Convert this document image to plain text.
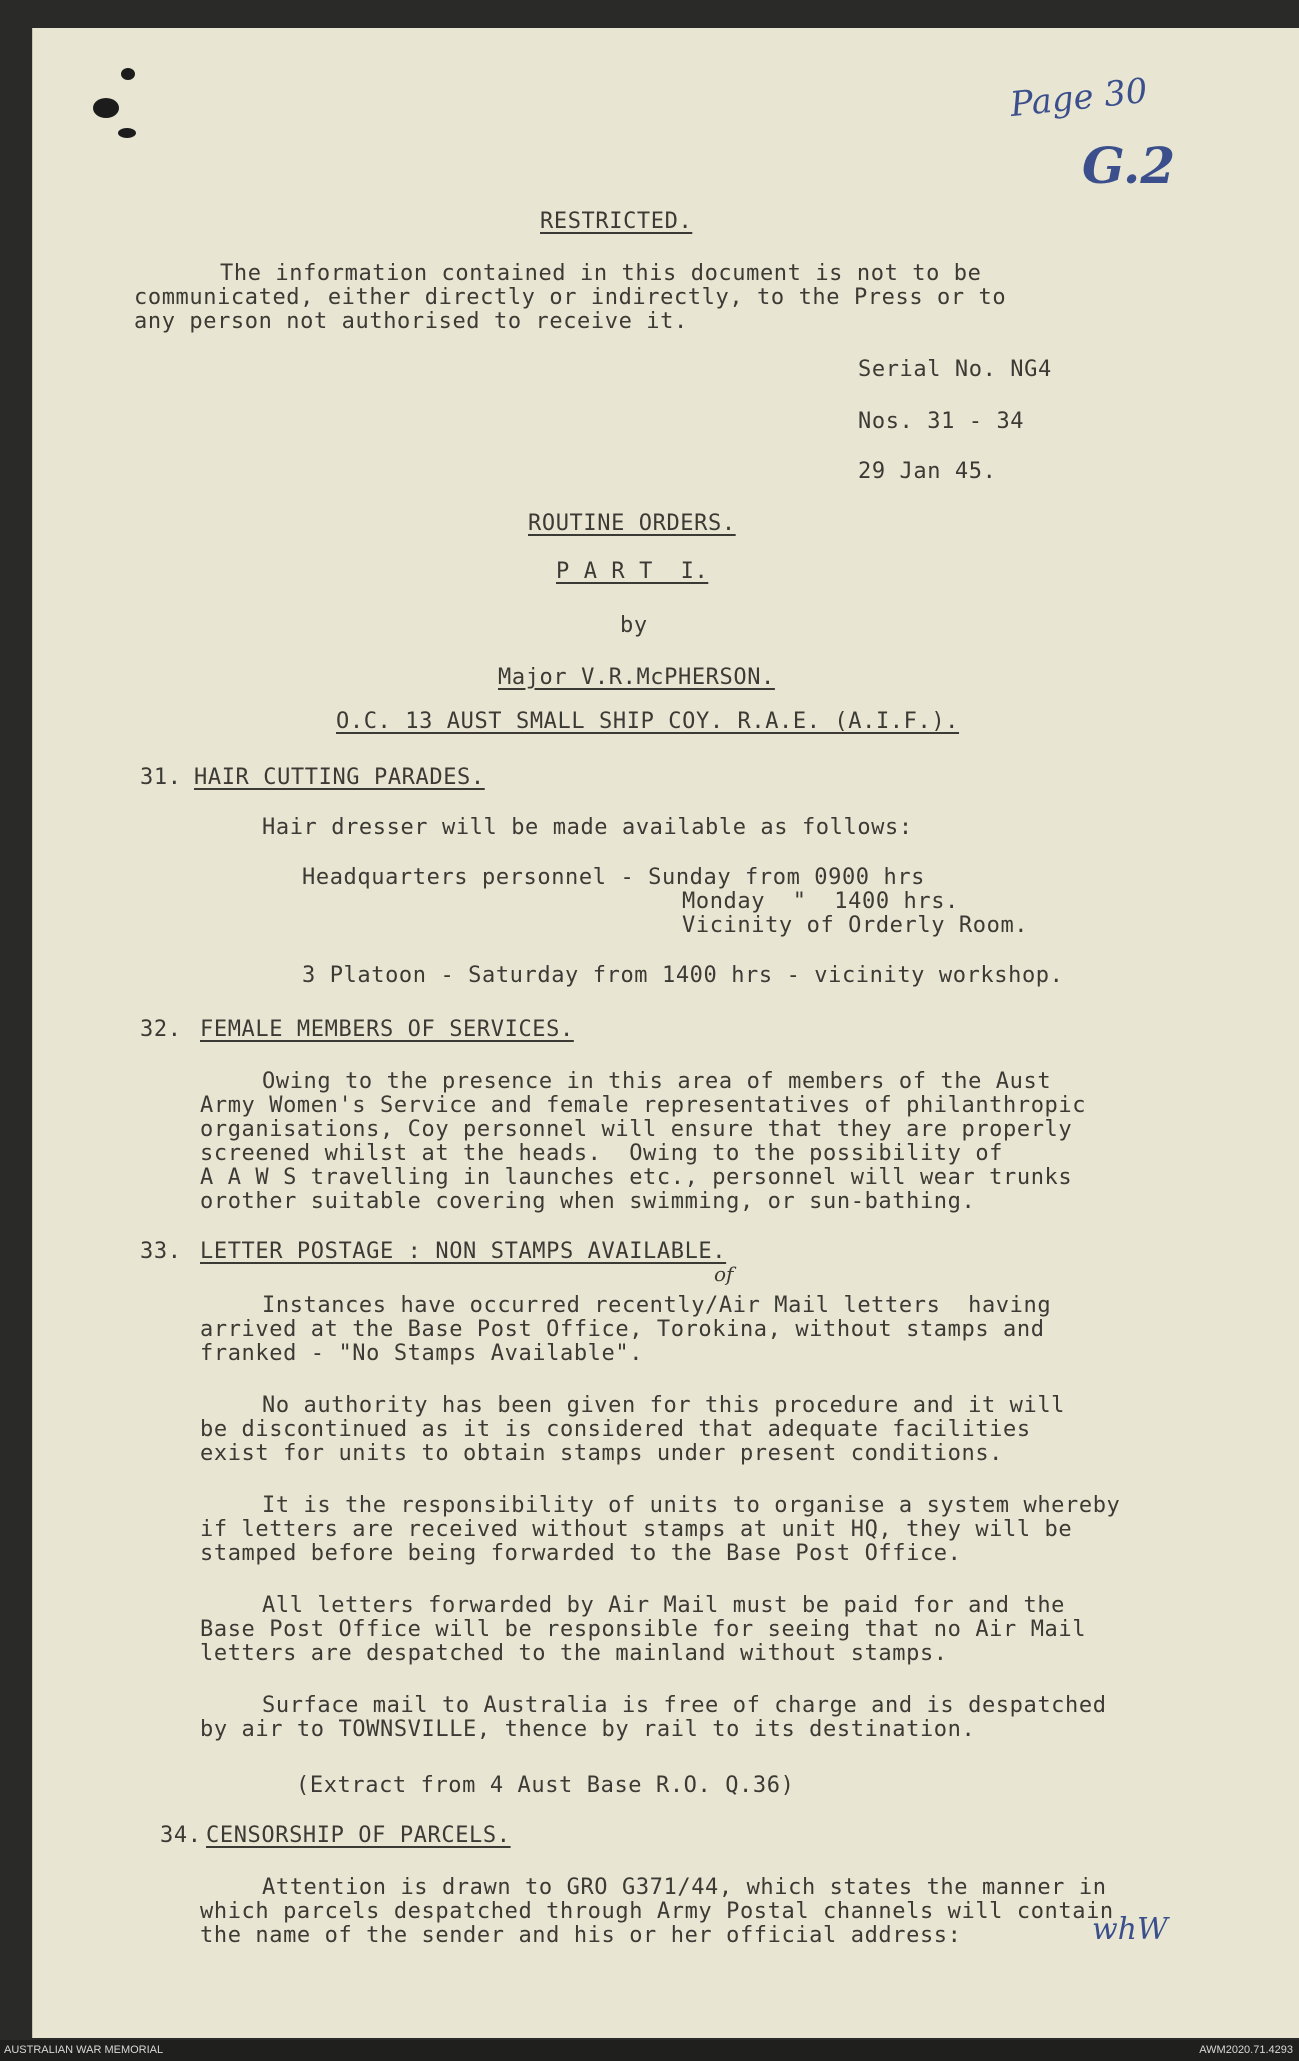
Page 30
G.2
whW
RESTRICTED.
The information contained in this document is not to be
communicated, either directly or indirectly, to the Press or to
any person not authorised to receive it.
Serial No. NG4
Nos. 31 - 34
29 Jan 45.
ROUTINE ORDERS.
P A R T  I.
by
Major V.R.McPHERSON.
O.C. 13 AUST SMALL SHIP COY. R.A.E. (A.I.F.).
31. HAIR CUTTING PARADES.
Hair dresser will be made available as follows:
Headquarters personnel - Sunday from 0900 hrs
Monday  "  1400 hrs.
Vicinity of Orderly Room.
3 Platoon - Saturday from 1400 hrs - vicinity workshop.
32. FEMALE MEMBERS OF SERVICES.
Owing to the presence in this area of members of the Aust
Army Women's Service and female representatives of philanthropic
organisations, Coy personnel will ensure that they are properly
screened whilst at the heads.  Owing to the possibility of
A A W S travelling in launches etc., personnel will wear trunks
orother suitable covering when swimming, or sun-bathing.
33. LETTER POSTAGE : NON STAMPS AVAILABLE.
of
Instances have occurred recently/Air Mail letters  having
arrived at the Base Post Office, Torokina, without stamps and
franked - "No Stamps Available".
No authority has been given for this procedure and it will
be discontinued as it is considered that adequate facilities
exist for units to obtain stamps under present conditions.
It is the responsibility of units to organise a system whereby
if letters are received without stamps at unit HQ, they will be
stamped before being forwarded to the Base Post Office.
All letters forwarded by Air Mail must be paid for and the
Base Post Office will be responsible for seeing that no Air Mail
letters are despatched to the mainland without stamps.
Surface mail to Australia is free of charge and is despatched
by air to TOWNSVILLE, thence by rail to its destination.
(Extract from 4 Aust Base R.O. Q.36)
34. CENSORSHIP OF PARCELS.
Attention is drawn to GRO G371/44, which states the manner in
which parcels despatched through Army Postal channels will contain
the name of the sender and his or her official address:
AUSTRALIAN WAR MEMORIAL	AWM2020.71.4293
